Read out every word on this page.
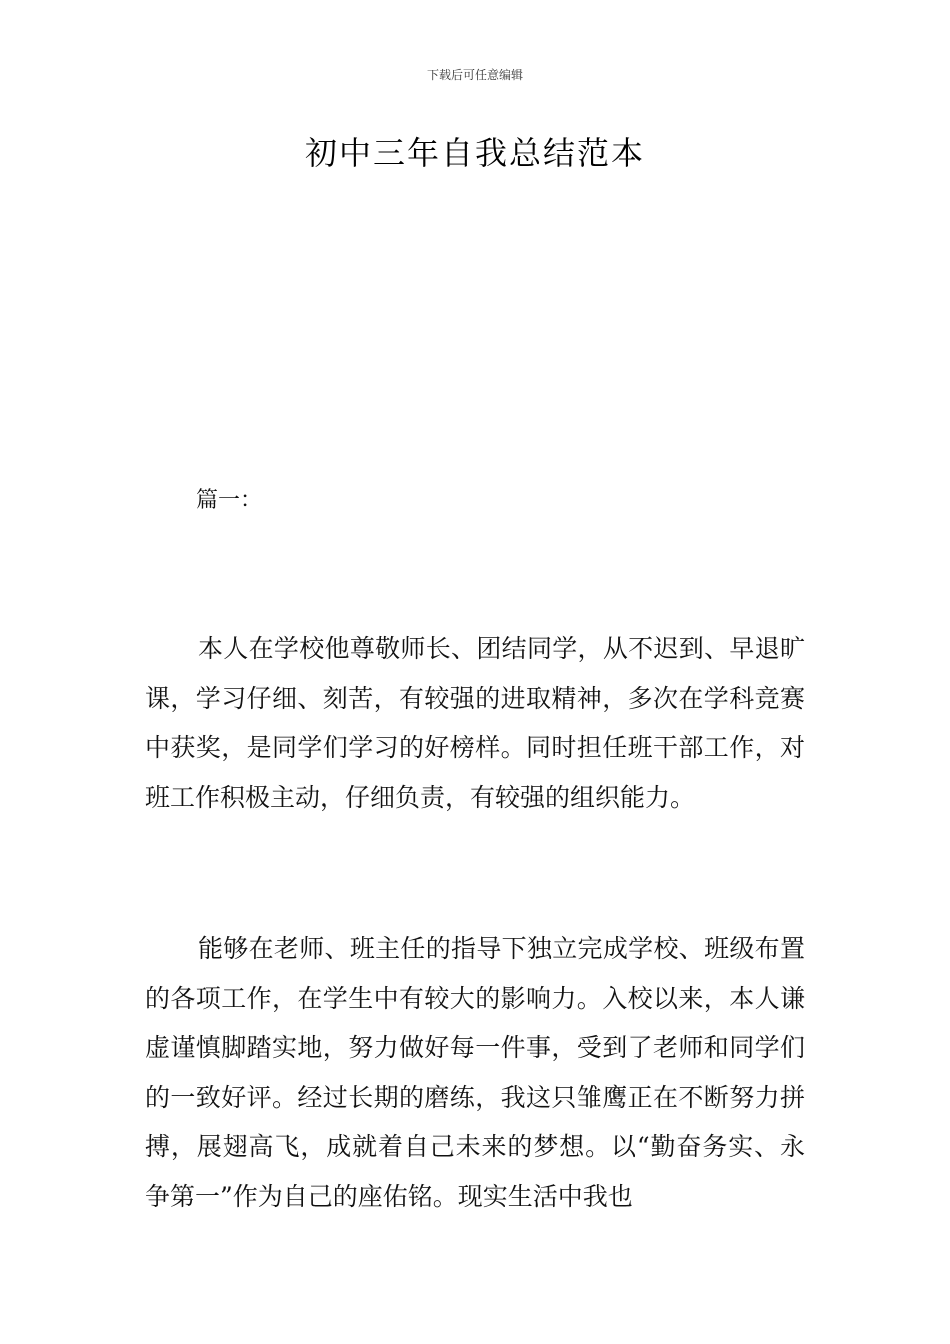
下载后可任意编辑
初中三年自我总结范本
篇一：

本人在学校他尊敬师长、团结同学，从不迟到、早退旷课，学习仔细、刻苦，有较强的进取精神，多次在学科竞赛中获奖，是同学们学习的好榜样。同时担任班干部工作，对班工作积极主动，仔细负责，有较强的组织能力。

能够在老师、班主任的指导下独立完成学校、班级布置的各项工作，在学生中有较大的影响力。入校以来，本人谦虚谨慎脚踏实地，努力做好每一件事，受到了老师和同学们的一致好评。经过长期的磨练，我这只雏鹰正在不断努力拼搏，展翅高飞，成就着自己未来的梦想。以“勤奋务实、永争第一”作为自己的座佑铭。现实生活中我也
